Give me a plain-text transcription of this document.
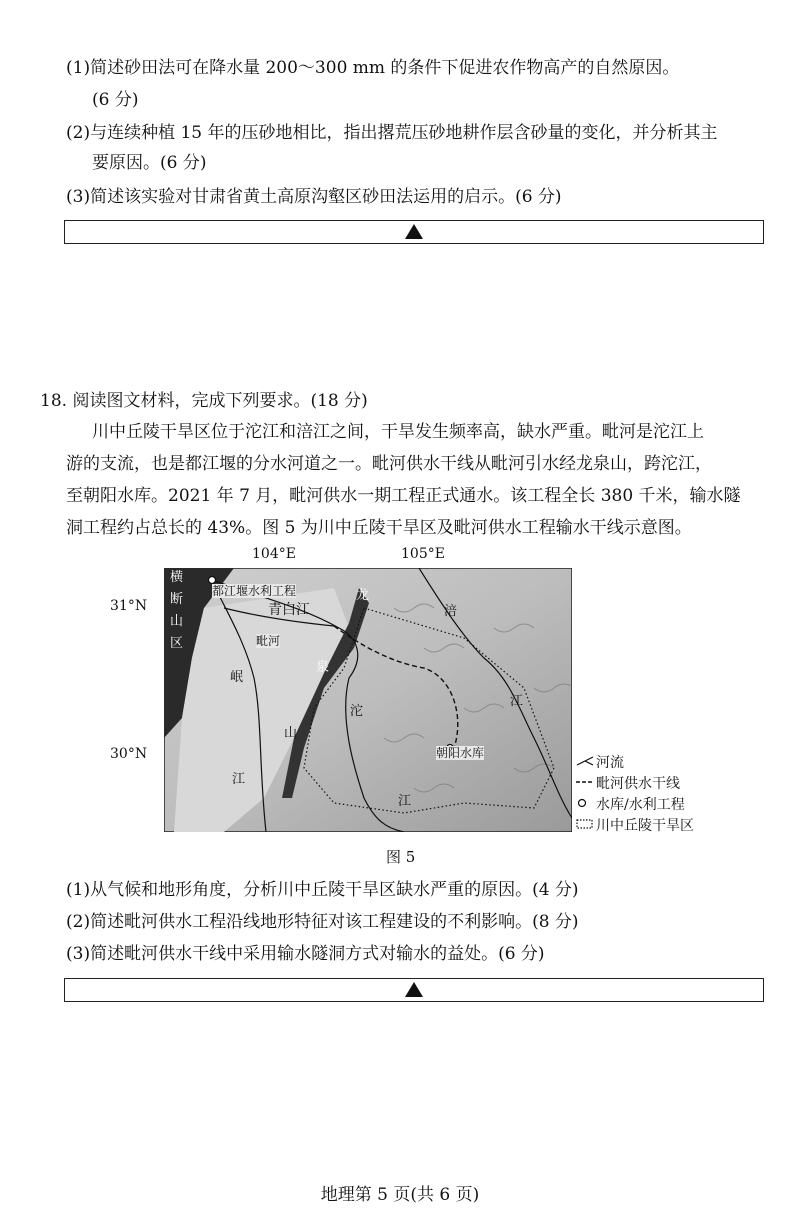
(1)简述砂田法可在降水量 200～300 mm 的条件下促进农作物高产的自然原因。
(6 分)
(2)与连续种植 15 年的压砂地相比，指出撂荒压砂地耕作层含砂量的变化，并分析其主
要原因。(6 分)
(3)简述该实验对甘肃省黄土高原沟壑区砂田法运用的启示。(6 分)
18. 阅读图文材料，完成下列要求。(18 分)
川中丘陵干旱区位于沱江和涪江之间，干旱发生频率高，缺水严重。毗河是沱江上
游的支流，也是都江堰的分水河道之一。毗河供水干线从毗河引水经龙泉山，跨沱江，
至朝阳水库。2021 年 7 月，毗河供水一期工程正式通水。该工程全长 380 千米，输水隧
洞工程约占总长的 43%。图 5 为川中丘陵干旱区及毗河供水工程输水干线示意图。
104°E	105°E
31°N
30°N
横
断
山
区
都江堰水利工程
青白江
毗河
岷
江
龙
泉
山
沱
江
涪
江
朝阳水库
河流
毗河供水干线
水库/水利工程
川中丘陵干旱区
图 5
(1)从气候和地形角度，分析川中丘陵干旱区缺水严重的原因。(4 分)
(2)简述毗河供水工程沿线地形特征对该工程建设的不利影响。(8 分)
(3)简述毗河供水干线中采用输水隧洞方式对输水的益处。(6 分)
地理第 5 页(共 6 页)
